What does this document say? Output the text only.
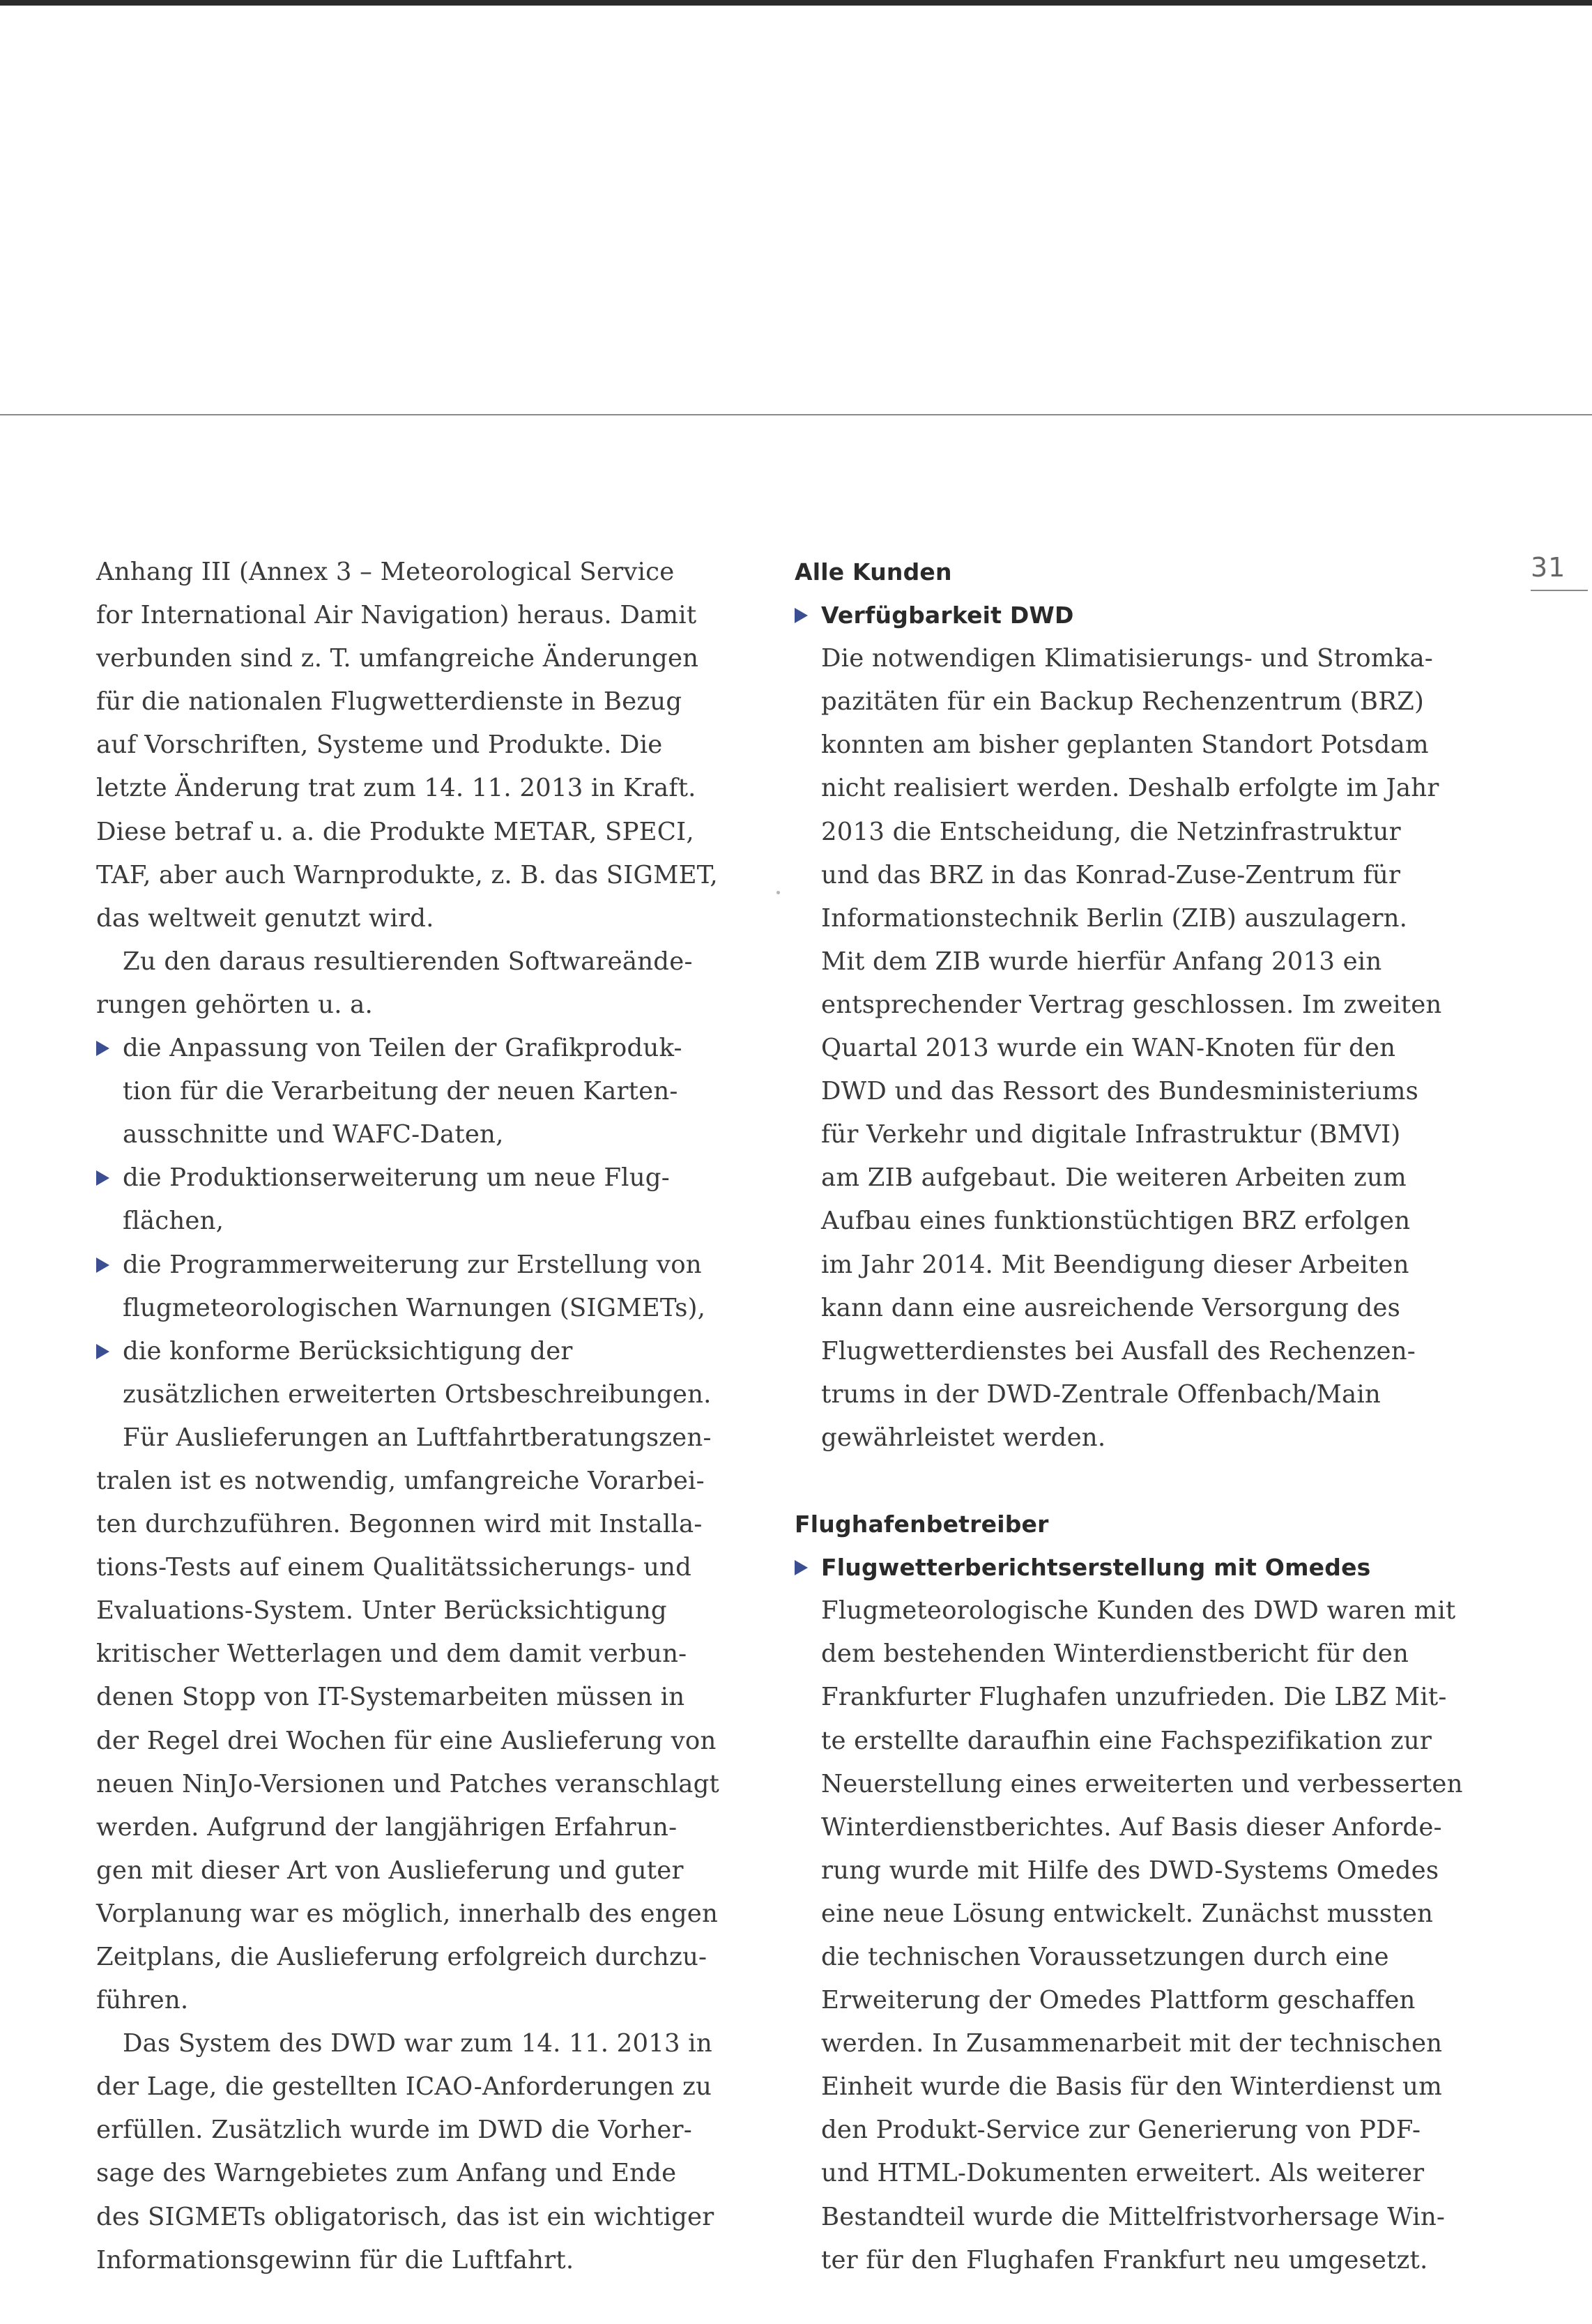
31
Anhang III (Annex 3 – Meteorological Service
for International Air Navigation) heraus. Damit
verbunden sind z. T. umfangreiche Änderungen
für die nationalen Flugwetterdienste in Bezug
auf Vorschriften, Systeme und Produkte. Die
letzte Änderung trat zum 14. 11. 2013 in Kraft.
Diese betraf u. a. die Produkte METAR, SPECI,
TAF, aber auch Warnprodukte, z. B. das SIGMET,
das weltweit genutzt wird.
Zu den daraus resultierenden Softwareände-
rungen gehörten u. a.
die Anpassung von Teilen der Grafikproduk-
tion für die Verarbeitung der neuen Karten-
ausschnitte und WAFC-Daten,
die Produktionserweiterung um neue Flug-
flächen,
die Programmerweiterung zur Erstellung von
flugmeteorologischen Warnungen (SIGMETs),
die konforme Berücksichtigung der
zusätzlichen erweiterten Ortsbeschreibungen.
Für Auslieferungen an Luftfahrtberatungszen-
tralen ist es notwendig, umfangreiche Vorarbei-
ten durchzuführen. Begonnen wird mit Installa-
tions-Tests auf einem Qualitätssicherungs- und
Evaluations-System. Unter Berücksichtigung
kritischer Wetterlagen und dem damit verbun-
denen Stopp von IT-Systemarbeiten müssen in
der Regel drei Wochen für eine Auslieferung von
neuen NinJo-Versionen und Patches veranschlagt
werden. Aufgrund der langjährigen Erfahrun-
gen mit dieser Art von Auslieferung und guter
Vorplanung war es möglich, innerhalb des engen
Zeitplans, die Auslieferung erfolgreich durchzu-
führen.
Das System des DWD war zum 14. 11. 2013 in
der Lage, die gestellten ICAO-Anforderungen zu
erfüllen. Zusätzlich wurde im DWD die Vorher-
sage des Warngebietes zum Anfang und Ende
des SIGMETs obligatorisch, das ist ein wichtiger
Informationsgewinn für die Luftfahrt.
Alle Kunden
Verfügbarkeit DWD
Die notwendigen Klimatisierungs- und Stromka-
pazitäten für ein Backup Rechenzentrum (BRZ)
konnten am bisher geplanten Standort Potsdam
nicht realisiert werden. Deshalb erfolgte im Jahr
2013 die Entscheidung, die Netzinfrastruktur
und das BRZ in das Konrad-Zuse-Zentrum für
Informationstechnik Berlin (ZIB) auszulagern.
Mit dem ZIB wurde hierfür Anfang 2013 ein
entsprechender Vertrag geschlossen. Im zweiten
Quartal 2013 wurde ein WAN-Knoten für den
DWD und das Ressort des Bundesministeriums
für Verkehr und digitale Infrastruktur (BMVI)
am ZIB aufgebaut. Die weiteren Arbeiten zum
Aufbau eines funktionstüchtigen BRZ erfolgen
im Jahr 2014. Mit Beendigung dieser Arbeiten
kann dann eine ausreichende Versorgung des
Flugwetterdienstes bei Ausfall des Rechenzen-
trums in der DWD-Zentrale Offenbach/Main
gewährleistet werden.
Flughafenbetreiber
Flugwetterberichtserstellung mit Omedes
Flugmeteorologische Kunden des DWD waren mit
dem bestehenden Winterdienstbericht für den
Frankfurter Flughafen unzufrieden. Die LBZ Mit-
te erstellte daraufhin eine Fachspezifikation zur
Neuerstellung eines erweiterten und verbesserten
Winterdienstberichtes. Auf Basis dieser Anforde-
rung wurde mit Hilfe des DWD-Systems Omedes
eine neue Lösung entwickelt. Zunächst mussten
die technischen Voraussetzungen durch eine
Erweiterung der Omedes Plattform geschaffen
werden. In Zusammenarbeit mit der technischen
Einheit wurde die Basis für den Winterdienst um
den Produkt-Service zur Generierung von PDF-
und HTML-Dokumenten erweitert. Als weiterer
Bestandteil wurde die Mittelfristvorhersage Win-
ter für den Flughafen Frankfurt neu umgesetzt.
